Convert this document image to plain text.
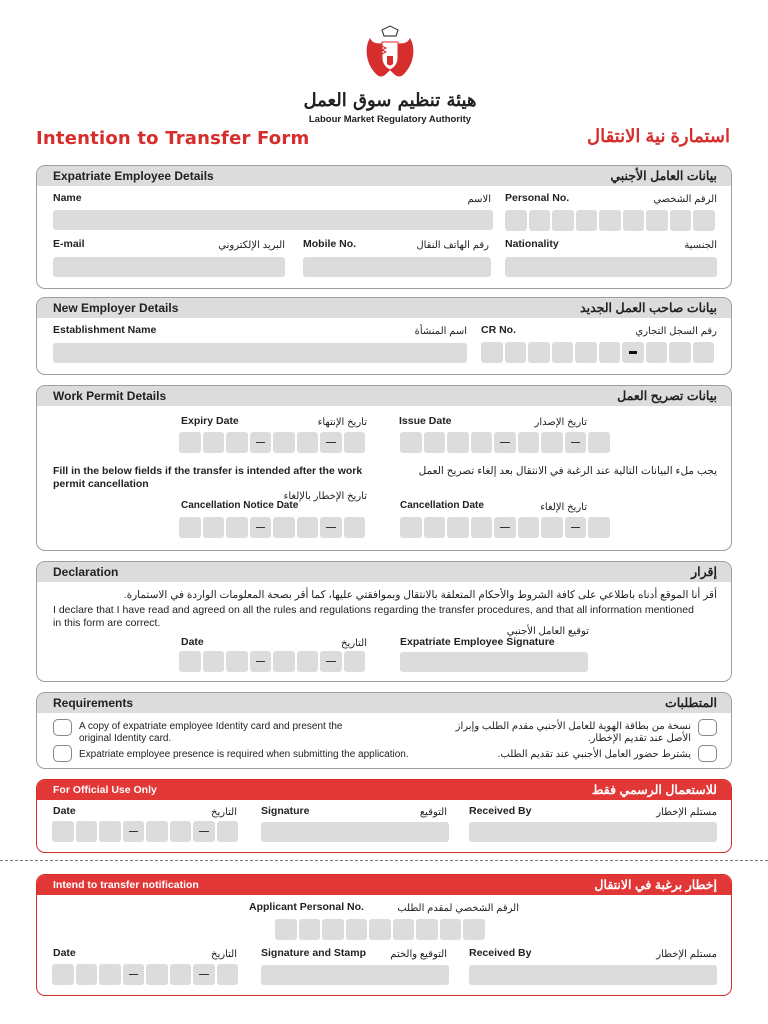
هيئة تنظيم سوق العمل
Labour Market Regulatory Authority
Intention to Transfer Form	استمارة نية الانتقال
Expatriate Employee Details	بيانات العامل الأجنبي
Name	الاسم Personal No.	الرقم الشخصي
E-mail	البريد الإلكتروني Mobile No.	رقم الهاتف النقال Nationality	الجنسية
New Employer Details	بيانات صاحب العمل الجديد
Establishment Name	اسم المنشأة CR No.	رقم السجل التجاري
Work Permit Details	بيانات تصريح العمل
Expiry Date	تاريخ الإنتهاء	Issue Date	تاريخ الإصدار
Fill in the below fields if the transfer is intended after the work permit cancellation
يجب ملء البيانات التالية عند الرغبة في الانتقال بعد إلغاء تصريح العمل
تاريخ الإخطار بالإلغاء
Cancellation Notice Date	Cancellation Date	تاريخ الإلغاء
Declaration	إقرار
أقر أنا الموقع أدناه باطلاعي على كافة الشروط والأحكام المتعلقة بالانتقال وبموافقتي عليها، كما أقر بصحة المعلومات الواردة في الاستمارة.
I declare that I have read and agreed on all the rules and regulations regarding the transfer procedures, and that all information mentioned in this form are correct.
Date	التاريخ
توقيع العامل الأجنبي
Expatriate Employee Signature
Requirements	المتطلبات
A copy of expatriate employee Identity card and present the original Identity card.
نسخة من بطاقة الهوية للعامل الأجنبي مقدم الطلب وإبراز الأصل عند تقديم الإخطار.
Expatriate employee presence is required when submitting the application.	يشترط حضور العامل الأجنبي عند تقديم الطلب.
For Official Use Only	للاستعمال الرسمي فقط
Date	التاريخ Signature	التوقيع Received By	مستلم الإخطار
Intend to transfer notification	إخطار برغبة في الانتقال
Applicant Personal No.	الرقم الشخصي لمقدم الطلب
Date	التاريخ Signature and Stamp التوقيع والختم Received By	مستلم الإخطار
